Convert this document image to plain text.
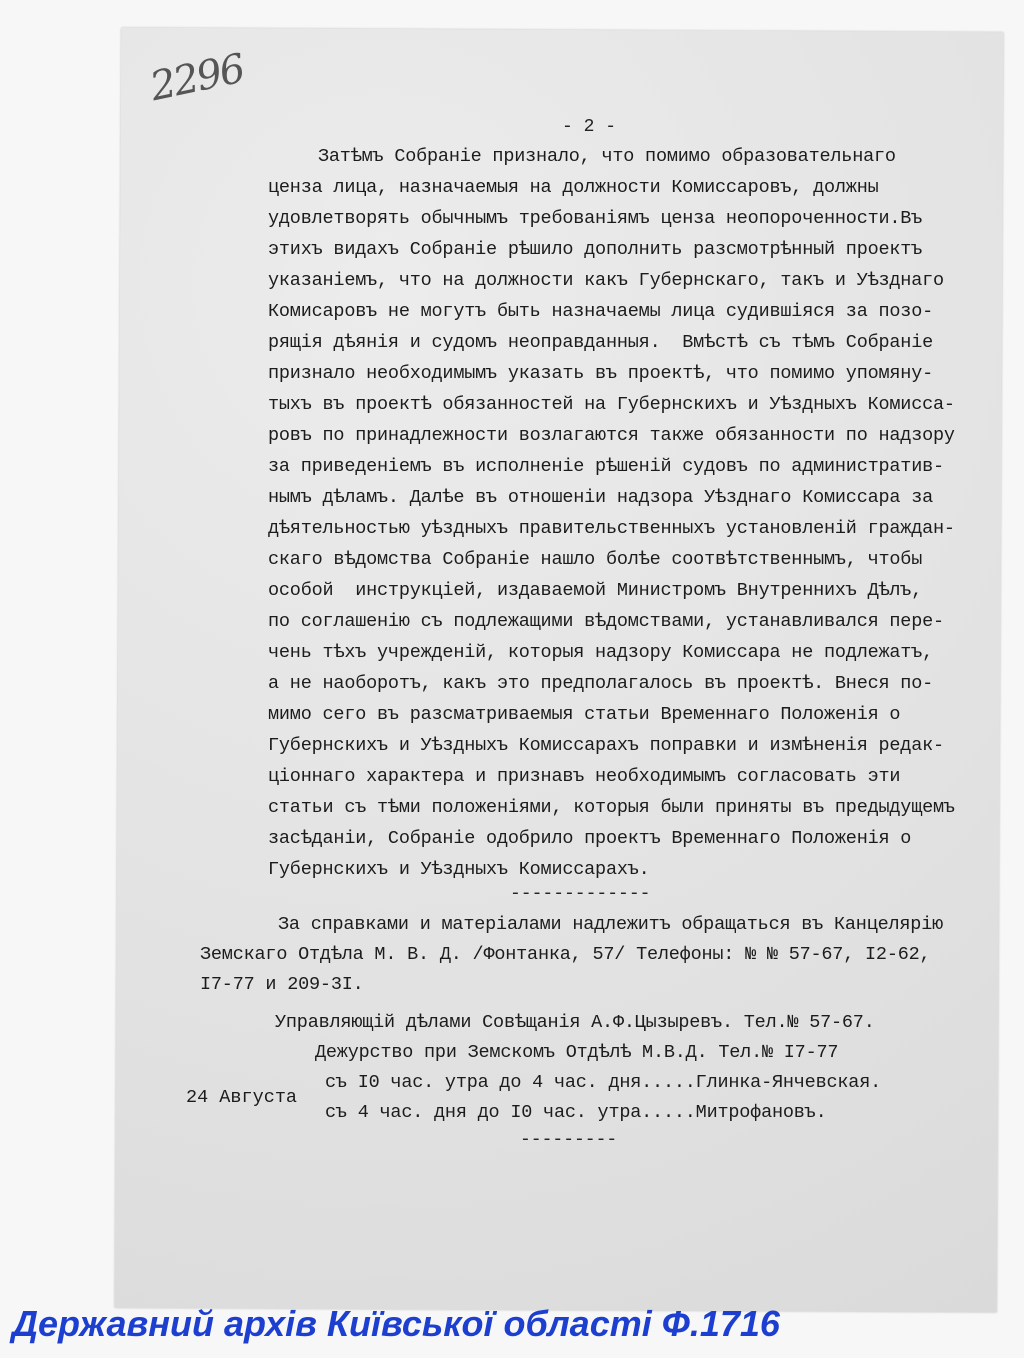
2296
- 2 -
Затѣмъ Собранiе признало, что помимо образовательнаго
ценза лица, назначаемыя на должности Комиссаровъ, должны
удовлетворять обычнымъ требованiямъ ценза неопороченности.Въ
этихъ видахъ Собранiе рѣшило дополнить разсмотрѣнный проектъ
указанiемъ, что на должности какъ Губернскаго, такъ и Уѣзднаго
Комисаровъ не могутъ быть назначаемы лица судившiяся за позо-
рящiя дѣянiя и судомъ неоправданныя.  Вмѣстѣ съ тѣмъ Собранiе
признало необходимымъ указать въ проектѣ, что помимо упомяну-
тыхъ въ проектѣ обязанностей на Губернскихъ и Уѣздныхъ Комисса-
ровъ по принадлежности возлагаются также обязанности по надзору
за приведенiемъ въ исполненiе рѣшенiй судовъ по административ-
нымъ дѣламъ. Далѣе въ отношенiи надзора Уѣзднаго Комиссара за
дѣятельностью уѣздныхъ правительственныхъ установленiй граждан-
скаго вѣдомства Собранiе нашло болѣе соотвѣтственнымъ, чтобы
особой  инструкцiей, издаваемой Министромъ Внутреннихъ Дѣлъ,
по соглашенiю съ подлежащими вѣдомствами, устанавливался пере-
чень тѣхъ учрежденiй, которыя надзору Комиссара не подлежатъ,
а не наоборотъ, какъ это предполагалось въ проектѣ. Внеся по-
мимо сего въ разсматриваемыя статьи Временнаго Положенiя о
Губернскихъ и Уѣздныхъ Комиссарахъ поправки и измѣненiя редак-
цiоннаго характера и признавъ необходимымъ согласовать эти
статьи съ тѣми положенiями, которыя были приняты въ предыдущемъ
засѣданiи, Собранiе одобрило проектъ Временнаго Положенiя о
Губернскихъ и Уѣздныхъ Комиссарахъ.
-------------
За справками и матерiалами надлежитъ обращаться въ Канцелярiю
Земскаго Отдѣла М. В. Д. /Фонтанка, 57/ Телефоны: № № 57-67, I2-62,
I7-77 и 209-3I.
Управляющiй дѣлами Совѣщанiя А.Ф.Цызыревъ. Тел.№ 57-67.
Дежурство при Земскомъ Отдѣлѣ М.В.Д. Тел.№ I7-77
съ I0 час. утра до 4 час. дня.....Глинка-Янчевская.
съ 4 час. дня до I0 час. утра.....Митрофановъ.
24 Августа
---------
Державний архів Київської області Ф.1716
